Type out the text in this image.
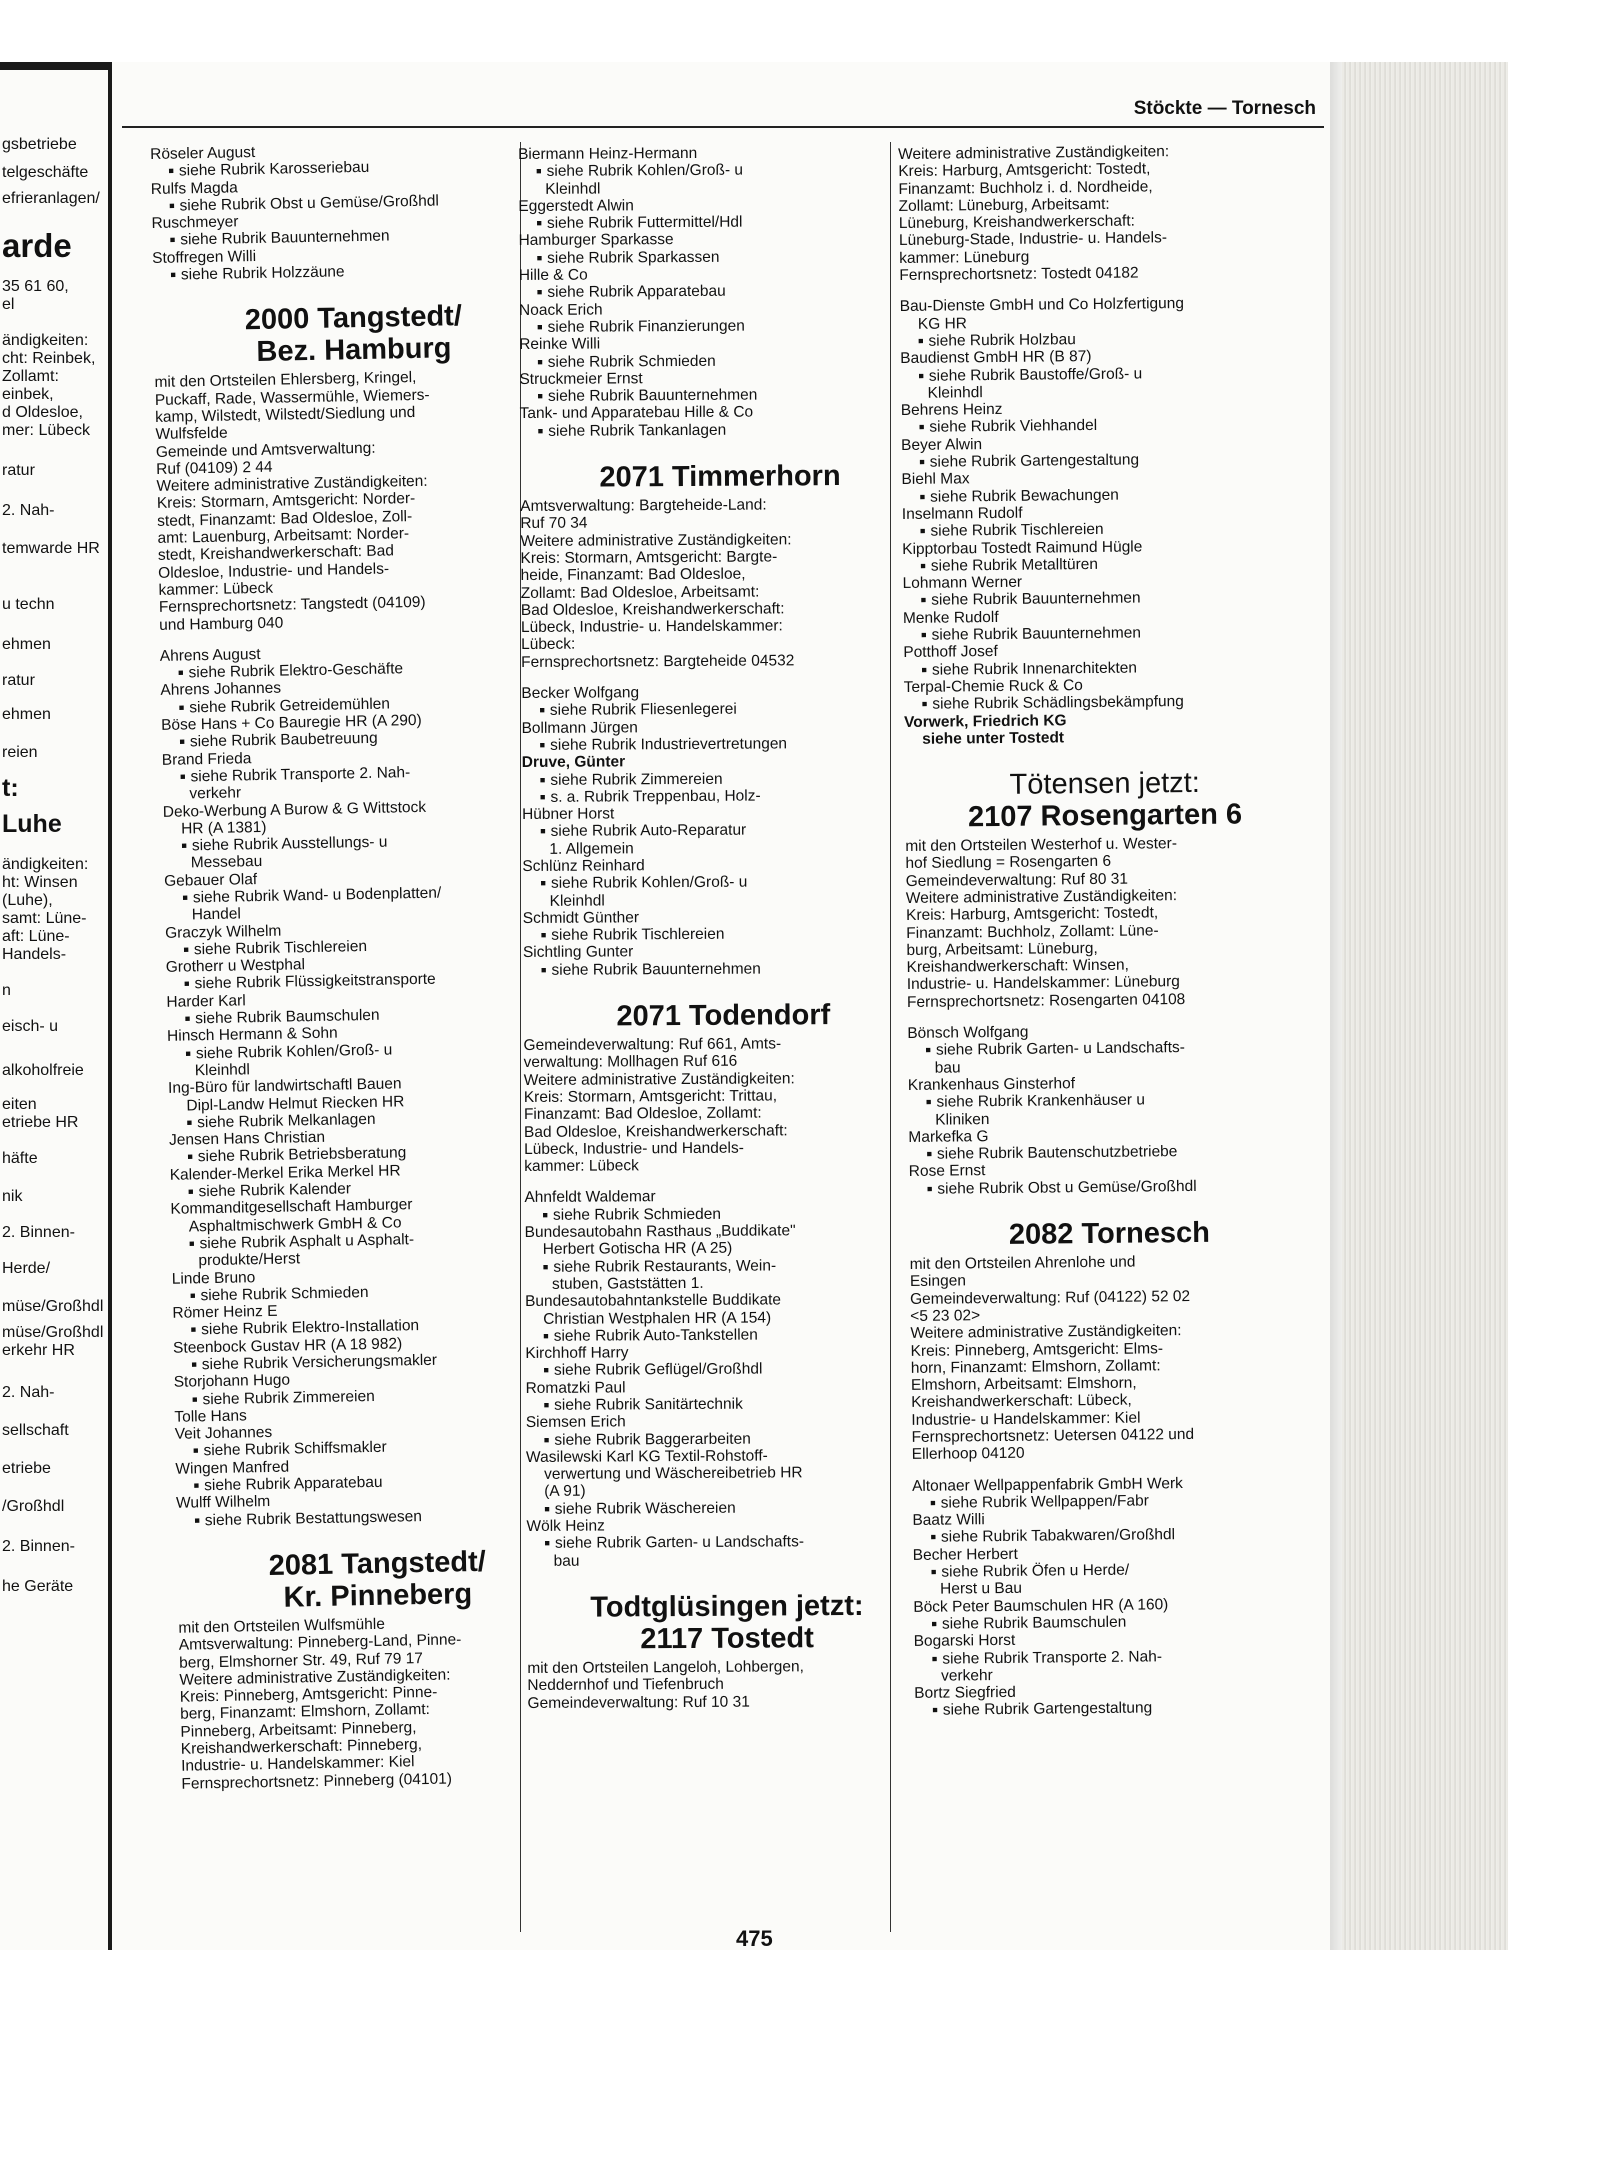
gsbetriebe
telgeschäfte
efrieranlagen/
arde
35 61 60,
el
ändigkeiten:
cht: Reinbek,
Zollamt:
einbek,
d Oldesloe,
mer: Lübeck
ratur
2. Nah-
temwarde HR
u techn
ehmen
ratur
ehmen
reien
t:
Luhe
ändigkeiten:
ht: Winsen
(Luhe),
samt: Lüne-
aft: Lüne-
Handels-
n
eisch- u
alkoholfreie
eiten
etriebe HR
häfte
nik
2. Binnen-
Herde/
müse/Großhdl
müse/Großhdl
erkehr HR
2. Nah-
sellschaft
etriebe
/Großhdl
2. Binnen-
he Geräte
Stöckte — Tornesch
Röseler August
■ siehe Rubrik Karosseriebau
Rulfs Magda
■ siehe Rubrik Obst u Gemüse/Großhdl
Ruschmeyer
■ siehe Rubrik Bauunternehmen
Stoffregen Willi
■ siehe Rubrik Holzzäune
2000 Tangstedt/
Bez. Hamburg
mit den Ortsteilen Ehlersberg, Kringel,
Puckaff, Rade, Wassermühle, Wiemers-
kamp, Wilstedt, Wilstedt/Siedlung und
Wulfsfelde
Gemeinde und Amtsverwaltung:
Ruf (04109) 2 44
Weitere administrative Zuständigkeiten:
Kreis: Stormarn, Amtsgericht: Norder-
stedt, Finanzamt: Bad Oldesloe, Zoll-
amt: Lauenburg, Arbeitsamt: Norder-
stedt, Kreishandwerkerschaft: Bad
Oldesloe, Industrie- und Handels-
kammer: Lübeck
Fernsprechortsnetz: Tangstedt (04109)
und Hamburg 040
Ahrens August
■ siehe Rubrik Elektro-Geschäfte
Ahrens Johannes
■ siehe Rubrik Getreidemühlen
Böse Hans + Co Bauregie HR (A 290)
■ siehe Rubrik Baubetreuung
Brand Frieda
■ siehe Rubrik Transporte 2. Nah-
verkehr
Deko-Werbung A Burow & G Wittstock
HR (A 1381)
■ siehe Rubrik Ausstellungs- u
Messebau
Gebauer Olaf
■ siehe Rubrik Wand- u Bodenplatten/
Handel
Graczyk Wilhelm
■ siehe Rubrik Tischlereien
Grotherr u Westphal
■ siehe Rubrik Flüssigkeitstransporte
Harder Karl
■ siehe Rubrik Baumschulen
Hinsch Hermann & Sohn
■ siehe Rubrik Kohlen/Groß- u
Kleinhdl
Ing-Büro für landwirtschaftl Bauen
Dipl-Landw Helmut Riecken HR
■ siehe Rubrik Melkanlagen
Jensen Hans Christian
■ siehe Rubrik Betriebsberatung
Kalender-Merkel Erika Merkel HR
■ siehe Rubrik Kalender
Kommanditgesellschaft Hamburger
Asphaltmischwerk GmbH & Co
■ siehe Rubrik Asphalt u Asphalt-
produkte/Herst
Linde Bruno
■ siehe Rubrik Schmieden
Römer Heinz E
■ siehe Rubrik Elektro-Installation
Steenbock Gustav HR (A 18 982)
■ siehe Rubrik Versicherungsmakler
Storjohann Hugo
■ siehe Rubrik Zimmereien
Tolle Hans
Veit Johannes
■ siehe Rubrik Schiffsmakler
Wingen Manfred
■ siehe Rubrik Apparatebau
Wulff Wilhelm
■ siehe Rubrik Bestattungswesen
2081 Tangstedt/
Kr. Pinneberg
mit den Ortsteilen Wulfsmühle
Amtsverwaltung: Pinneberg-Land, Pinne-
berg, Elmshorner Str. 49, Ruf 79 17
Weitere administrative Zuständigkeiten:
Kreis: Pinneberg, Amtsgericht: Pinne-
berg, Finanzamt: Elmshorn, Zollamt:
Pinneberg, Arbeitsamt: Pinneberg,
Kreishandwerkerschaft: Pinneberg,
Industrie- u. Handelskammer: Kiel
Fernsprechortsnetz: Pinneberg (04101)
Biermann Heinz-Hermann
■ siehe Rubrik Kohlen/Groß- u
Kleinhdl
Eggerstedt Alwin
■ siehe Rubrik Futtermittel/Hdl
Hamburger Sparkasse
■ siehe Rubrik Sparkassen
Hille & Co
■ siehe Rubrik Apparatebau
Noack Erich
■ siehe Rubrik Finanzierungen
Reinke Willi
■ siehe Rubrik Schmieden
Struckmeier Ernst
■ siehe Rubrik Bauunternehmen
Tank- und Apparatebau Hille & Co
■ siehe Rubrik Tankanlagen
2071 Timmerhorn
Amtsverwaltung: Bargteheide-Land:
Ruf 70 34
Weitere administrative Zuständigkeiten:
Kreis: Stormarn, Amtsgericht: Bargte-
heide, Finanzamt: Bad Oldesloe,
Zollamt: Bad Oldesloe, Arbeitsamt:
Bad Oldesloe, Kreishandwerkerschaft:
Lübeck, Industrie- u. Handelskammer:
Lübeck:
Fernsprechortsnetz: Bargteheide 04532
Becker Wolfgang
■ siehe Rubrik Fliesenlegerei
Bollmann Jürgen
■ siehe Rubrik Industrievertretungen
Druve, Günter
■ siehe Rubrik Zimmereien
■ s. a. Rubrik Treppenbau, Holz-
Hübner Horst
■ siehe Rubrik Auto-Reparatur
1. Allgemein
Schlünz Reinhard
■ siehe Rubrik Kohlen/Groß- u
Kleinhdl
Schmidt Günther
■ siehe Rubrik Tischlereien
Sichtling Gunter
■ siehe Rubrik Bauunternehmen
2071 Todendorf
Gemeindeverwaltung: Ruf 661, Amts-
verwaltung: Mollhagen Ruf 616
Weitere administrative Zuständigkeiten:
Kreis: Stormarn, Amtsgericht: Trittau,
Finanzamt: Bad Oldesloe, Zollamt:
Bad Oldesloe, Kreishandwerkerschaft:
Lübeck, Industrie- und Handels-
kammer: Lübeck
Ahnfeldt Waldemar
■ siehe Rubrik Schmieden
Bundesautobahn Rasthaus „Buddikate"
Herbert Gotischa HR (A 25)
■ siehe Rubrik Restaurants, Wein-
stuben, Gaststätten 1.
Bundesautobahntankstelle Buddikate
Christian Westphalen HR (A 154)
■ siehe Rubrik Auto-Tankstellen
Kirchhoff Harry
■ siehe Rubrik Geflügel/Großhdl
Romatzki Paul
■ siehe Rubrik Sanitärtechnik
Siemsen Erich
■ siehe Rubrik Baggerarbeiten
Wasilewski Karl KG Textil-Rohstoff-
verwertung und Wäschereibetrieb HR
(A 91)
■ siehe Rubrik Wäschereien
Wölk Heinz
■ siehe Rubrik Garten- u Landschafts-
bau
Todtglüsingen jetzt:
2117 Tostedt
mit den Ortsteilen Langeloh, Lohbergen,
Neddernhof und Tiefenbruch
Gemeindeverwaltung: Ruf 10 31
Weitere administrative Zuständigkeiten:
Kreis: Harburg, Amtsgericht: Tostedt,
Finanzamt: Buchholz i. d. Nordheide,
Zollamt: Lüneburg, Arbeitsamt:
Lüneburg, Kreishandwerkerschaft:
Lüneburg-Stade, Industrie- u. Handels-
kammer: Lüneburg
Fernsprechortsnetz: Tostedt 04182
Bau-Dienste GmbH und Co Holzfertigung
KG HR
■ siehe Rubrik Holzbau
Baudienst GmbH HR (B 87)
■ siehe Rubrik Baustoffe/Groß- u
Kleinhdl
Behrens Heinz
■ siehe Rubrik Viehhandel
Beyer Alwin
■ siehe Rubrik Gartengestaltung
Biehl Max
■ siehe Rubrik Bewachungen
Inselmann Rudolf
■ siehe Rubrik Tischlereien
Kipptorbau Tostedt Raimund Hügle
■ siehe Rubrik Metalltüren
Lohmann Werner
■ siehe Rubrik Bauunternehmen
Menke Rudolf
■ siehe Rubrik Bauunternehmen
Potthoff Josef
■ siehe Rubrik Innenarchitekten
Terpal-Chemie Ruck & Co
■ siehe Rubrik Schädlingsbekämpfung
Vorwerk, Friedrich KG
siehe unter Tostedt
Tötensen jetzt:
2107 Rosengarten 6
mit den Ortsteilen Westerhof u. Wester-
hof Siedlung = Rosengarten 6
Gemeindeverwaltung: Ruf 80 31
Weitere administrative Zuständigkeiten:
Kreis: Harburg, Amtsgericht: Tostedt,
Finanzamt: Buchholz, Zollamt: Lüne-
burg, Arbeitsamt: Lüneburg,
Kreishandwerkerschaft: Winsen,
Industrie- u. Handelskammer: Lüneburg
Fernsprechortsnetz: Rosengarten 04108
Bönsch Wolfgang
■ siehe Rubrik Garten- u Landschafts-
bau
Krankenhaus Ginsterhof
■ siehe Rubrik Krankenhäuser u
Kliniken
Markefka G
■ siehe Rubrik Bautenschutzbetriebe
Rose Ernst
■ siehe Rubrik Obst u Gemüse/Großhdl
2082 Tornesch
mit den Ortsteilen Ahrenlohe und
Esingen
Gemeindeverwaltung: Ruf (04122) 52 02
<5 23 02>
Weitere administrative Zuständigkeiten:
Kreis: Pinneberg, Amtsgericht: Elms-
horn, Finanzamt: Elmshorn, Zollamt:
Elmshorn, Arbeitsamt: Elmshorn,
Kreishandwerkerschaft: Lübeck,
Industrie- u Handelskammer: Kiel
Fernsprechortsnetz: Uetersen 04122 und
Ellerhoop 04120
Altonaer Wellpappenfabrik GmbH Werk
■ siehe Rubrik Wellpappen/Fabr
Baatz Willi
■ siehe Rubrik Tabakwaren/Großhdl
Becher Herbert
■ siehe Rubrik Öfen u Herde/
Herst u Bau
Böck Peter Baumschulen HR (A 160)
■ siehe Rubrik Baumschulen
Bogarski Horst
■ siehe Rubrik Transporte 2. Nah-
verkehr
Bortz Siegfried
■ siehe Rubrik Gartengestaltung
475
